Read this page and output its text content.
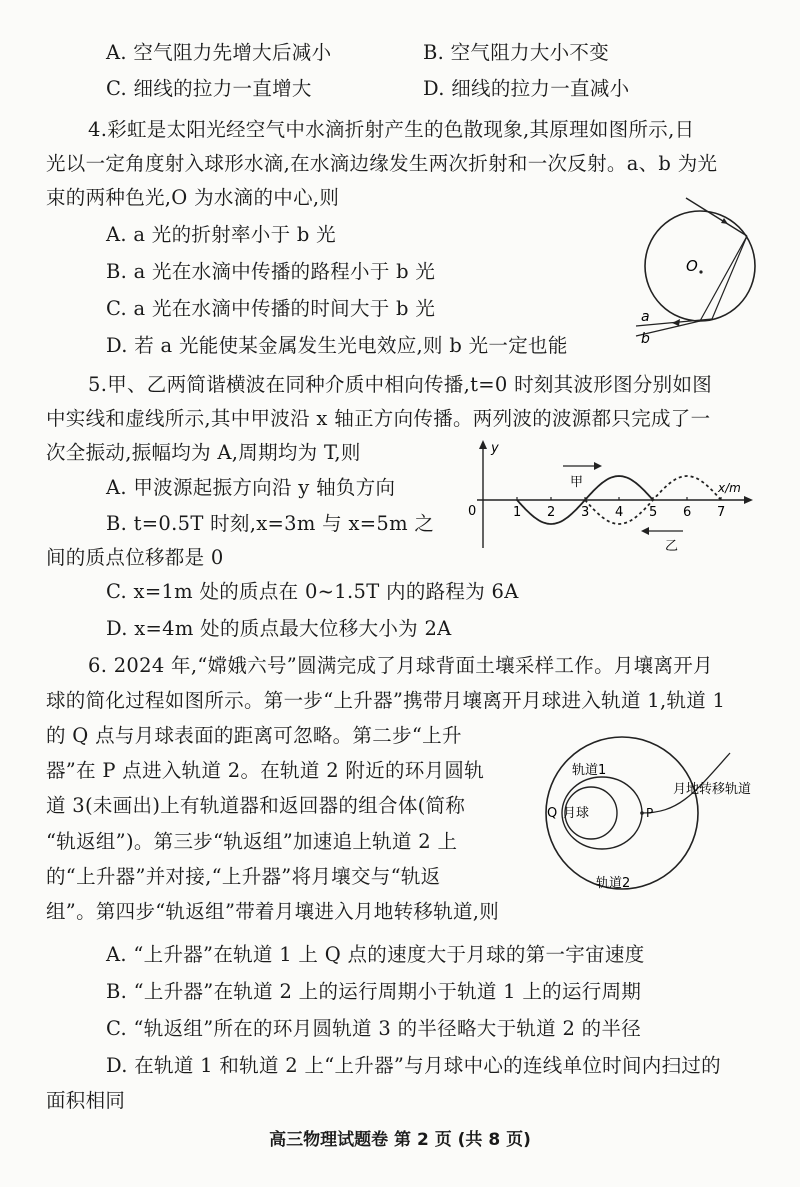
A. 空气阻力先增大后减小	B. 空气阻力大小不变
C. 细线的拉力一直增大	D. 细线的拉力一直减小
4.彩虹是太阳光经空气中水滴折射产生的色散现象,其原理如图所示,日
光以一定角度射入球形水滴,在水滴边缘发生两次折射和一次反射。a、b 为光
束的两种色光,O 为水滴的中心,则
A. a 光的折射率小于 b 光
B. a 光在水滴中传播的路程小于 b 光
C. a 光在水滴中传播的时间大于 b 光
D. 若 a 光能使某金属发生光电效应,则 b 光一定也能
O
a
b
5.甲、乙两简谐横波在同种介质中相向传播,t=0 时刻其波形图分别如图
中实线和虚线所示,其中甲波沿 x 轴正方向传播。两列波的波源都只完成了一
次全振动,振幅均为 A,周期均为 T,则
A. 甲波源起振方向沿 y 轴负方向
B. t=0.5T 时刻,x=3m 与 x=5m 之
间的质点位移都是 0
C. x=1m 处的质点在 0~1.5T 内的路程为 6A
D. x=4m 处的质点最大位移大小为 2A
y
x/m
0	1 2 3 4 5 6 7
甲
乙
6. 2024 年,“嫦娥六号”圆满完成了月球背面土壤采样工作。月壤离开月
球的简化过程如图所示。第一步“上升器”携带月壤离开月球进入轨道 1,轨道 1
的 Q 点与月球表面的距离可忽略。第二步“上升
器”在 P 点进入轨道 2。在轨道 2 附近的环月圆轨
道 3(未画出)上有轨道器和返回器的组合体(简称
“轨返组”)。第三步“轨返组”加速追上轨道 2 上
的“上升器”并对接,“上升器”将月壤交与“轨返
组”。第四步“轨返组”带着月壤进入月地转移轨道,则
A. “上升器”在轨道 1 上 Q 点的速度大于月球的第一宇宙速度
B. “上升器”在轨道 2 上的运行周期小于轨道 1 上的运行周期
C. “轨返组”所在的环月圆轨道 3 的半径略大于轨道 2 的半径
D. 在轨道 1 和轨道 2 上“上升器”与月球中心的连线单位时间内扫过的
面积相同
轨道1
Q 月球	P
月地转移轨道
轨道2
高三物理试题卷 第 2 页 (共 8 页)
